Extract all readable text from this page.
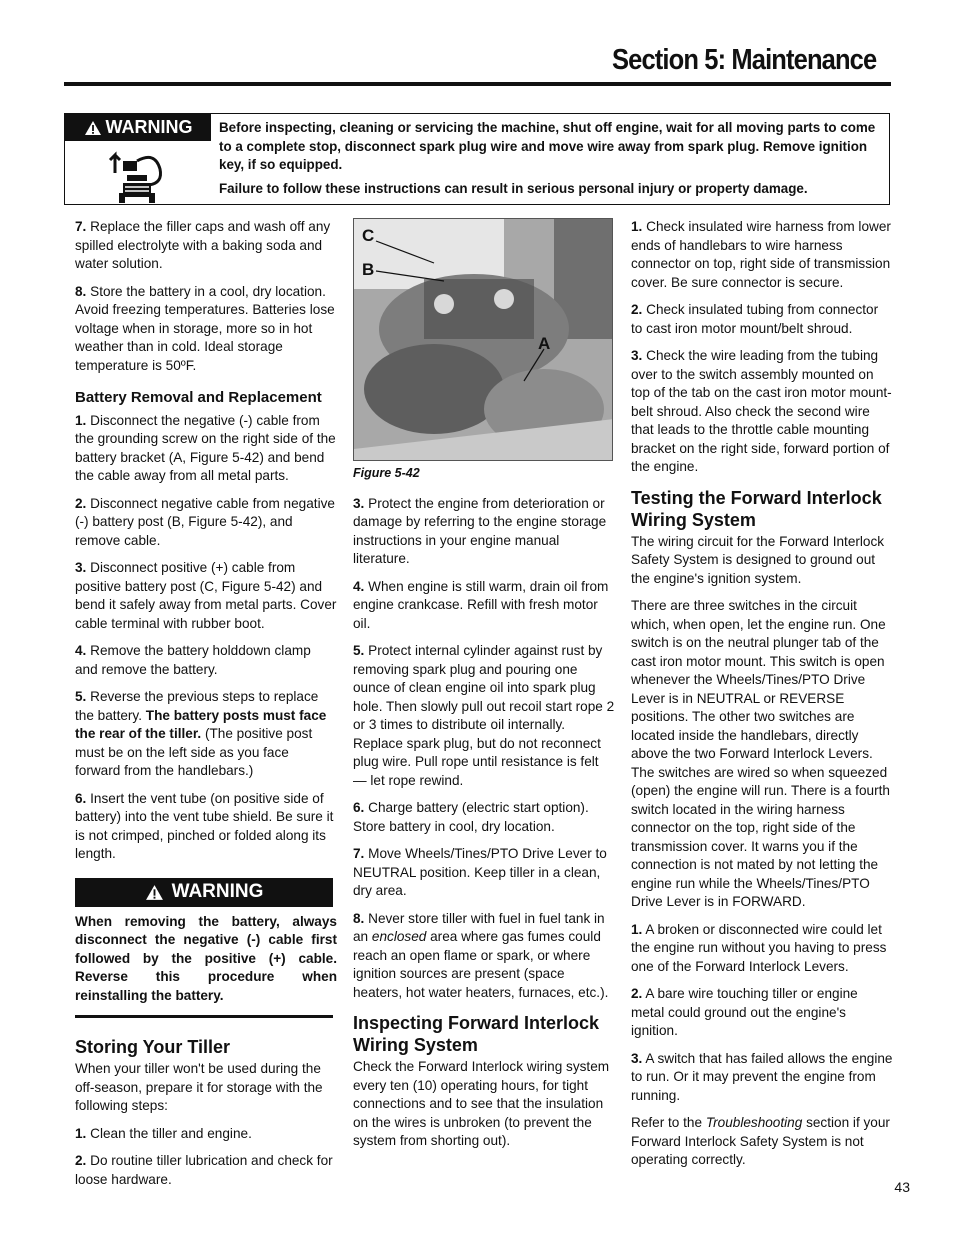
Section 5: Maintenance
WARNING Before inspecting, cleaning or servicing the machine, shut off engine, wait for all moving parts to come to a complete stop, disconnect spark plug wire and move wire away from spark plug. Remove ignition key, if so equipped.

Failure to follow these instructions can result in serious personal injury or property damage.

7. Replace the filler caps and wash off any spilled electrolyte with a baking soda and water solution.

8. Store the battery in a cool, dry location. Avoid freezing temperatures. Batteries lose voltage when in storage, more so in hot weather than in cold. Ideal storage temperature is 50ºF.

Battery Removal and Replacement

1. Disconnect the negative (-) cable from the grounding screw on the right side of the battery bracket (A, Figure 5-42) and bend the cable away from all metal parts.

2. Disconnect negative cable from negative (-) battery post (B, Figure 5-42), and remove cable.

3. Disconnect positive (+) cable from positive battery post (C, Figure 5-42) and bend it safely away from metal parts. Cover cable terminal with rubber boot.

4. Remove the battery holddown clamp and remove the battery.

5. Reverse the previous steps to replace the battery. The battery posts must face the rear of the tiller. (The positive post must be on the left side as you face forward from the handlebars.)

6. Insert the vent tube (on positive side of battery) into the vent tube shield. Be sure it is not crimped, pinched or folded along its length.

WARNING

When removing the battery, always disconnect the negative (-) cable first followed by the positive (+) cable. Reverse this procedure when reinstalling the battery.

Storing Your Tiller

When your tiller won't be used during the off-season, prepare it for storage with the following steps:

1. Clean the tiller and engine.

2. Do routine tiller lubrication and check for loose hardware.

C
B
A
Figure 5-42

3. Protect the engine from deterioration or damage by referring to the engine storage instructions in your engine manual literature.

4. When engine is still warm, drain oil from engine crankcase. Refill with fresh motor oil.

5. Protect internal cylinder against rust by removing spark plug and pouring one ounce of clean engine oil into spark plug hole. Then slowly pull out recoil start rope 2 or 3 times to distribute oil internally. Replace spark plug, but do not reconnect plug wire. Pull rope until resistance is felt — let rope rewind.

6. Charge battery (electric start option). Store battery in cool, dry location.

7. Move Wheels/Tines/PTO Drive Lever to NEUTRAL position. Keep tiller in a clean, dry area.

8. Never store tiller with fuel in fuel tank in an enclosed area where gas fumes could reach an open flame or spark, or where ignition sources are present (space heaters, hot water heaters, furnaces, etc.).

Inspecting Forward Interlock Wiring System

Check the Forward Interlock wiring system every ten (10) operating hours, for tight connections and to see that the insulation on the wires is unbroken (to prevent the system from shorting out).

1. Check insulated wire harness from lower ends of handlebars to wire harness connector on top, right side of transmission cover. Be sure connector is secure.

2. Check insulated tubing from connector to cast iron motor mount/belt shroud.

3. Check the wire leading from the tubing over to the switch assembly mounted on top of the tab on the cast iron motor mount-belt shroud. Also check the second wire that leads to the throttle cable mounting bracket on the right side, forward portion of the engine.

Testing the Forward Interlock Wiring System

The wiring circuit for the Forward Interlock Safety System is designed to ground out the engine's ignition system.

There are three switches in the circuit which, when open, let the engine run. One switch is on the neutral plunger tab of the cast iron motor mount. This switch is open whenever the Wheels/Tines/PTO Drive Lever is in NEUTRAL or REVERSE positions. The other two switches are located inside the handlebars, directly above the two Forward Interlock Levers. The switches are wired so when squeezed (open) the engine will run. There is a fourth switch located in the wiring harness connector on the top, right side of the transmission cover. It warns you if the connection is not mated by not letting the engine run while the Wheels/Tines/PTO Drive Lever is in FORWARD.

1. A broken or disconnected wire could let the engine run without you having to press one of the Forward Interlock Levers.

2. A bare wire touching tiller or engine metal could ground out the engine's ignition.

3. A switch that has failed allows the engine to run. Or it may prevent the engine from running.

Refer to the Troubleshooting section if your Forward Interlock Safety System is not operating correctly.

43
